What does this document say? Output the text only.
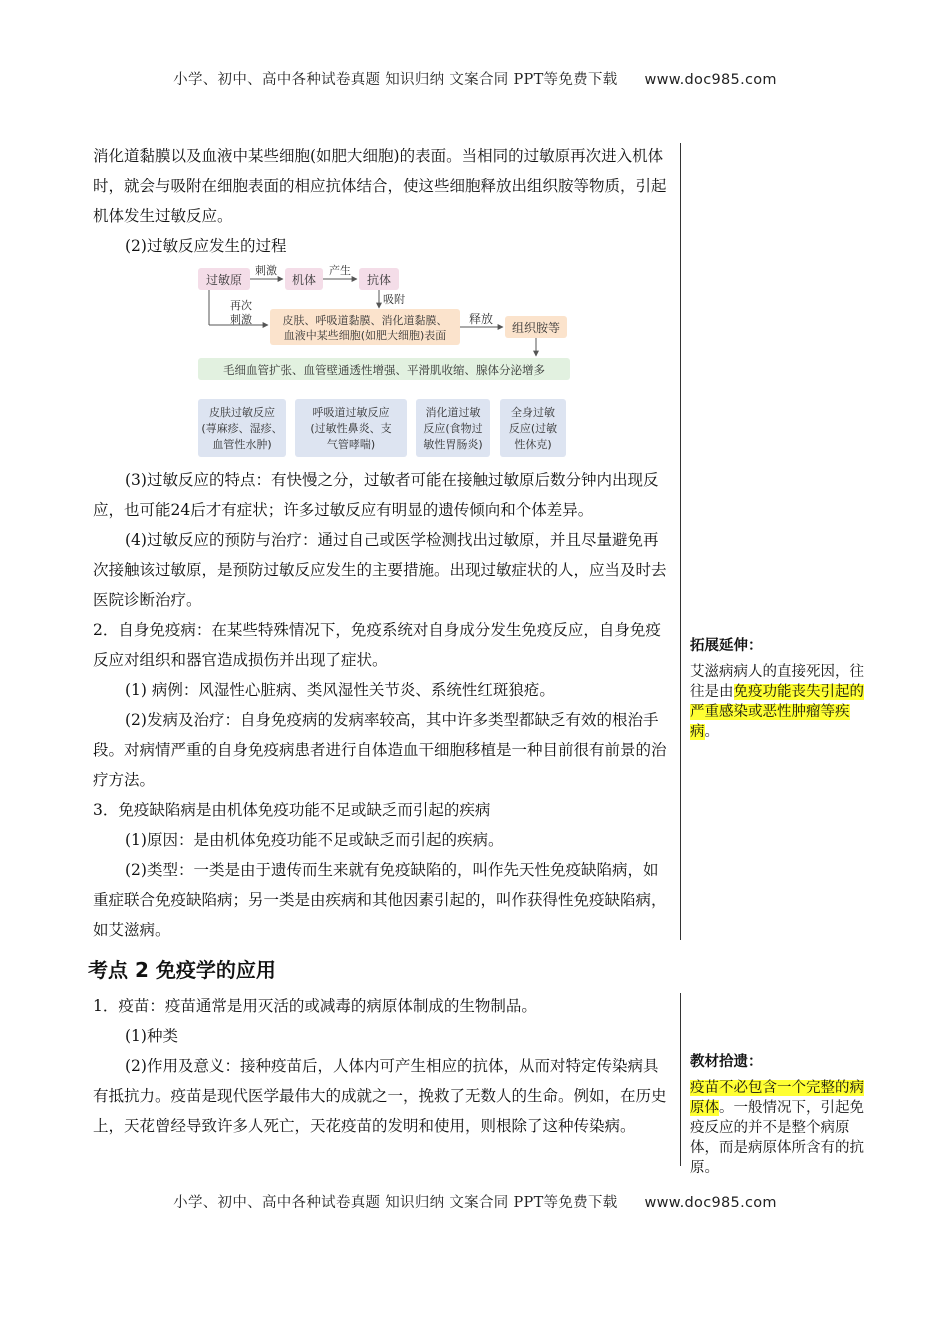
小学、初中、高中各种试卷真题 知识归纳 文案合同 PPT等免费下载 www.doc985.com

消化道黏膜以及血液中某些细胞(如肥大细胞)的表面。当相同的过敏原再次进入机体时，就会与吸附在细胞表面的相应抗体结合，使这些细胞释放出组织胺等物质，引起机体发生过敏反应。

(2)过敏反应发生的过程

过敏原
刺激
机体
产生
抗体
吸附
再次
刺激	皮肤、呼吸道黏膜、消化道黏膜、
血液中某些细胞(如肥大细胞)表面
释放
组织胺等
毛细血管扩张、血管壁通透性增强、平滑肌收缩、腺体分泌增多
皮肤过敏反应
(荨麻疹、湿疹、
血管性水肿)
呼吸道过敏反应
(过敏性鼻炎、支
气管哮喘)
消化道过敏
反应(食物过
敏性胃肠炎)
全身过敏
反应(过敏
性休克)

(3)过敏反应的特点：有快慢之分，过敏者可能在接触过敏原后数分钟内出现反应，也可能24后才有症状；许多过敏反应有明显的遗传倾向和个体差异。

(4)过敏反应的预防与治疗：通过自己或医学检测找出过敏原，并且尽量避免再次接触该过敏原，是预防过敏反应发生的主要措施。出现过敏症状的人，应当及时去医院诊断治疗。

2．自身免疫病：在某些特殊情况下，免疫系统对自身成分发生免疫反应，自身免疫反应对组织和器官造成损伤并出现了症状。

(1) 病例：风湿性心脏病、类风湿性关节炎、系统性红斑狼疮。

(2)发病及治疗：自身免疫病的发病率较高，其中许多类型都缺乏有效的根治手段。对病情严重的自身免疫病患者进行自体造血干细胞移植是一种目前很有前景的治疗方法。

3．免疫缺陷病是由机体免疫功能不足或缺乏而引起的疾病

(1)原因：是由机体免疫功能不足或缺乏而引起的疾病。

(2)类型：一类是由于遗传而生来就有免疫缺陷的，叫作先天性免疫缺陷病，如重症联合免疫缺陷病；另一类是由疾病和其他因素引起的，叫作获得性免疫缺陷病，如艾滋病。

拓展延伸：
艾滋病病人的直接死因，往往是由免疫功能丧失引起的严重感染或恶性肿瘤等疾病。
考点 2 免疫学的应用

1．疫苗：疫苗通常是用灭活的或减毒的病原体制成的生物制品。

(1)种类

(2)作用及意义：接种疫苗后，人体内可产生相应的抗体，从而对特定传染病具有抵抗力。疫苗是现代医学最伟大的成就之一，挽救了无数人的生命。例如，在历史上，天花曾经导致许多人死亡，天花疫苗的发明和使用，则根除了这种传染病。

教材拾遗：
疫苗不必包含一个完整的病原体。一般情况下，引起免疫反应的并不是整个病原体，而是病原体所含有的抗原。
小学、初中、高中各种试卷真题 知识归纳 文案合同 PPT等免费下载 www.doc985.com
